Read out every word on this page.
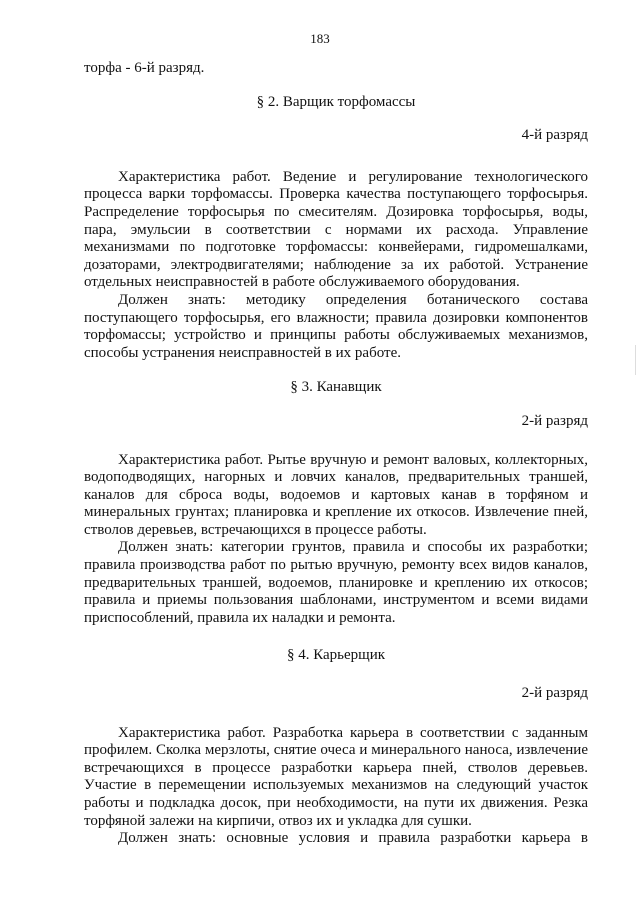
183

торфа - 6-й разряд.

§ 2. Варщик торфомассы

4-й разряд

Характеристика работ. Ведение и регулирование технологического процесса варки торфомассы. Проверка качества поступающего торфосырья. Распределение торфосырья по смесителям. Дозировка торфосырья, воды, пара, эмульсии в соответствии с нормами их расхода. Управление механизмами по подготовке торфомассы: конвейерами, гидромешалками, дозаторами, электродвигателями; наблюдение за их работой. Устранение отдельных неисправностей в работе обслуживаемого оборудования.

Должен знать: методику определения ботанического состава поступающего торфосырья, его влажности; правила дозировки компонентов торфомассы; устройство и принципы работы обслуживаемых механизмов, способы устранения неисправностей в их работе.

§ 3. Канавщик

2-й разряд

Характеристика работ. Рытье вручную и ремонт валовых, коллекторных, водоподводящих, нагорных и ловчих каналов, предварительных траншей, каналов для сброса воды, водоемов и картовых канав в торфяном и минеральных грунтах; планировка и крепление их откосов. Извлечение пней, стволов деревьев, встречающихся в процессе работы.

Должен знать: категории грунтов, правила и способы их разработки; правила производства работ по рытью вручную, ремонту всех видов каналов, предварительных траншей, водоемов, планировке и креплению их откосов; правила и приемы пользования шаблонами, инструментом и всеми видами приспособлений, правила их наладки и ремонта.

§ 4. Карьерщик

2-й разряд

Характеристика работ. Разработка карьера в соответствии с заданным профилем. Сколка мерзлоты, снятие очеса и минерального наноса, извлечение встречающихся в процессе разработки карьера пней, стволов деревьев. Участие в перемещении используемых механизмов на следующий участок работы и подкладка досок, при необходимости, на пути их движения. Резка торфяной залежи на кирпичи, отвоз их и укладка для сушки.

Должен знать: основные условия и правила разработки карьера в
